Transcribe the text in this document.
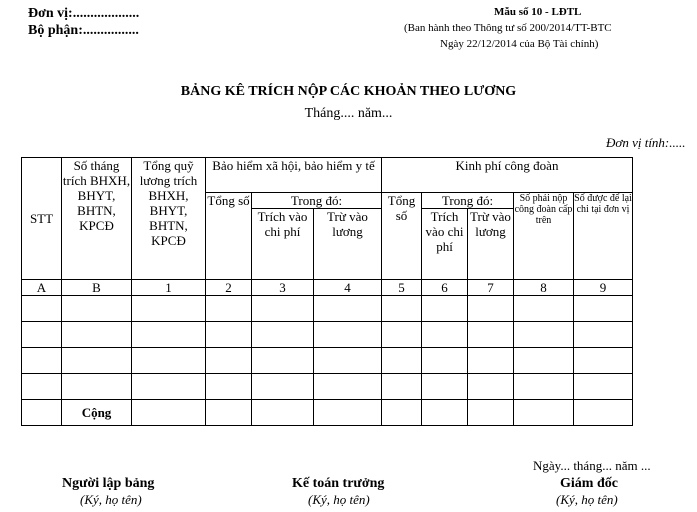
Đơn vị:...................
Bộ phận:................
Mẫu số 10 - LĐTL
(Ban hành theo Thông tư số 200/2014/TT-BTC
Ngày 22/12/2014 của Bộ Tài chính)
BẢNG KÊ TRÍCH NỘP CÁC KHOẢN THEO LƯƠNG
Tháng.... năm...
Đơn vị tính:.....
STT	Số tháng trích BHXH, BHYT, BHTN, KPCĐ	Tổng quỹ lương trích BHXH, BHYT, BHTN, KPCĐ	Bảo hiểm xã hội, bảo hiểm y tế			Kinh phí công đoàn				
			Tổng số	Trong đó:		Tổng số	Trong đó:		Số phải nộp công đoàn cấp trên	Số được để lại chi tại đơn vị
				Trích vào chi phí	Trừ vào lương		Trích vào chi phí	Trừ vào lương		
A	B	1	2	3	4	5	6	7	8	9

	Cộng									
Ngày... tháng... năm ...
Người lập bảng
(Ký, họ tên)
Kế toán trưởng
(Ký, họ tên)
Giám đốc
(Ký, họ tên)
